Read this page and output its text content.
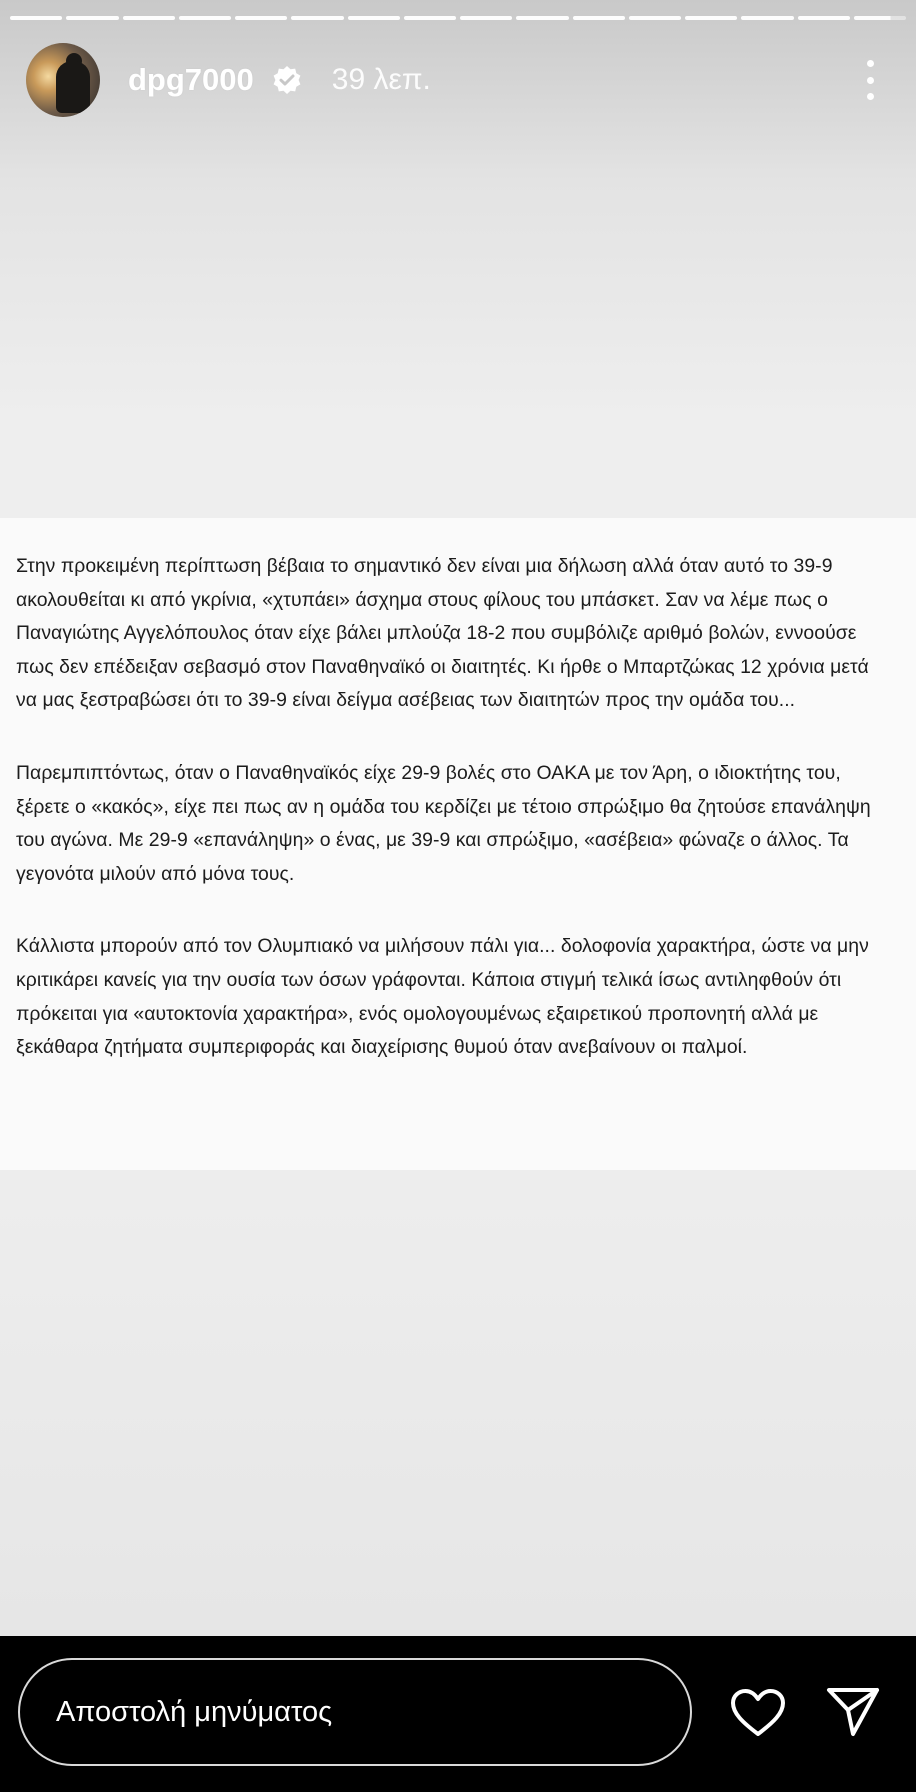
dpg7000	39 λεπ.

Στην προκειμένη περίπτωση βέβαια το σημαντικό δεν είναι μια δήλωση αλλά όταν αυτό το 39-9 ακολουθείται κι από γκρίνια, «χτυπάει» άσχημα στους φίλους του μπάσκετ. Σαν να λέμε πως ο Παναγιώτης Αγγελόπουλος όταν είχε βάλει μπλούζα 18-2 που συμβόλιζε αριθμό βολών, εννοούσε πως δεν επέδειξαν σεβασμό στον Παναθηναϊκό οι διαιτητές. Κι ήρθε ο Μπαρτζώκας 12 χρόνια μετά να μας ξεστραβώσει ότι το 39-9 είναι δείγμα ασέβειας των διαιτητών προς την ομάδα του...

Παρεμπιπτόντως, όταν ο Παναθηναϊκός είχε 29-9 βολές στο ΟΑΚΑ με τον Άρη, ο ιδιοκτήτης του, ξέρετε ο «κακός», είχε πει πως αν η ομάδα του κερδίζει με τέτοιο σπρώξιμο θα ζητούσε επανάληψη του αγώνα. Με 29-9 «επανάληψη» ο ένας, με 39-9 και σπρώξιμο, «ασέβεια» φώναζε ο άλλος. Τα γεγονότα μιλούν από μόνα τους.

Κάλλιστα μπορούν από τον Ολυμπιακό να μιλήσουν πάλι για... δολοφονία χαρακτήρα, ώστε να μην κριτικάρει κανείς για την ουσία των όσων γράφονται. Κάποια στιγμή τελικά ίσως αντιληφθούν ότι πρόκειται για «αυτοκτονία χαρακτήρα», ενός ομολογουμένως εξαιρετικού προπονητή αλλά με ξεκάθαρα ζητήματα συμπεριφοράς και διαχείρισης θυμού όταν ανεβαίνουν οι παλμοί.

Αποστολή μηνύματος
